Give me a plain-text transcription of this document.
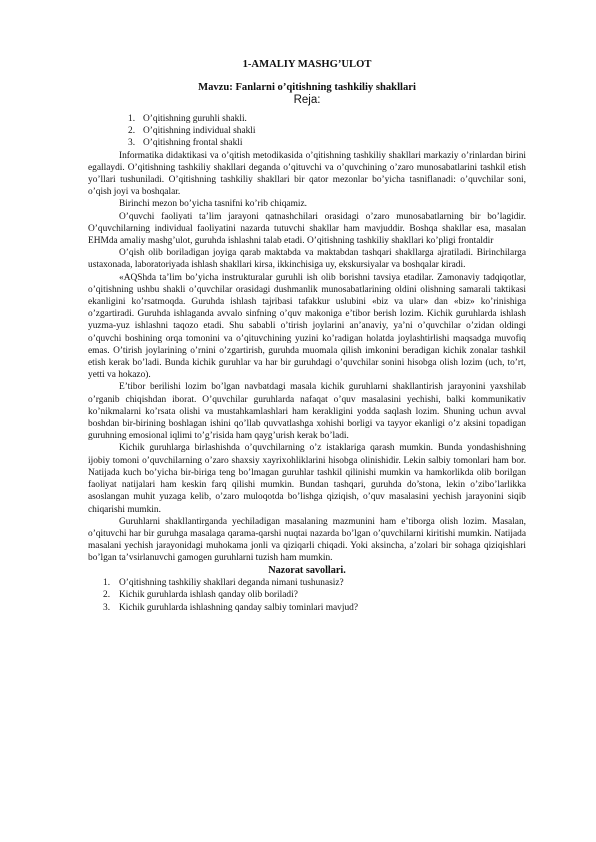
1-AMALIY MASHG’ULOT
Mavzu: Fanlarni o’qitishning tashkiliy shakllari
Reja:
1. O’qitishning guruhli shakli.
2. O’qitishning individual shakli
3. O’qitishning frontal shakli

Informatika didaktikasi va o’qitish metodikasida o’qitishning tashkiliy shakllari markaziy o’rinlardan birini egallaydi. O’qitishning tashkiliy shakllari deganda o’qituvchi va o’quvchining o’zaro munosabatlarini tashkil etish yo’llari tushuniladi. O’qitishning tashkiliy shakllari bir qator mezonlar bo’yicha tasniflanadi: o’quvchilar soni, o’qish joyi va boshqalar.

Birinchi mezon bo’yicha tasnifni ko’rib chiqamiz.

O’quvchi faoliyati ta’lim jarayoni qatnashchilari orasidagi o’zaro munosabatlarning bir bo’lagidir. O’quvchilarning individual faoliyatini nazarda tutuvchi shakllar ham mavjuddir. Boshqa shakllar esa, masalan EHMda amaliy mashg’ulot, guruhda ishlashni talab etadi. O’qitishning tashkiliy shakllari ko’pligi frontaldir

O’qish olib boriladigan joyiga qarab maktabda va maktabdan tashqari shakllarga ajratiladi. Birinchilarga ustaxonada, laboratoriyada ishlash shakllari kirsa, ikkinchisiga uy, ekskursiyalar va boshqalar kiradi.

«AQShda ta’lim bo’yicha instrukturalar guruhli ish olib borishni tavsiya etadilar. Zamonaviy tadqiqotlar, o’qitishning ushbu shakli o’quvchilar orasidagi dushmanlik munosabatlarining oldini olishning samarali taktikasi ekanligini ko’rsatmoqda. Guruhda ishlash tajribasi tafakkur uslubini «biz va ular» dan «biz» ko’rinishiga o’zgartiradi. Guruhda ishlaganda avvalo sinfning o’quv makoniga e’tibor berish lozim. Kichik guruhlarda ishlash yuzma-yuz ishlashni taqozo etadi. Shu sababli o’tirish joylarini an’anaviy, ya’ni o’quvchilar o’zidan oldingi o’quvchi boshining orqa tomonini va o’qituvchining yuzini ko’radigan holatda joylashtirlishi maqsadga muvofiq emas. O’tirish joylarining o’rnini o’zgartirish, guruhda muomala qilish imkonini beradigan kichik zonalar tashkil etish kerak bo’ladi. Bunda kichik guruhlar va har bir guruhdagi o’quvchilar sonini hisobga olish lozim (uch, to’rt, yetti va hokazo).

E’tibor berilishi lozim bo’lgan navbatdagi masala kichik guruhlarni shakllantirish jarayonini yaxshilab o’rganib chiqishdan iborat. O’quvchilar guruhlarda nafaqat o’quv masalasini yechishi, balki kommunikativ ko’nikmalarni ko’rsata olishi va mustahkamlashlari ham kerakligini yodda saqlash lozim. Shuning uchun avval boshdan bir-birining boshlagan ishini qo’llab quvvatlashga xohishi borligi va tayyor ekanligi o’z aksini topadigan guruhning emosional iqlimi to’g’risida ham qayg’urish kerak bo’ladi.

Kichik guruhlarga birlashishda o’quvchilarning o’z istaklariga qarash mumkin. Bunda yondashishning ijobiy tomoni o’quvchilarning o’zaro shaxsiy xayrixohliklarini hisobga olinishidir. Lekin salbiy tomonlari ham bor. Natijada kuch bo’yicha bir-biriga teng bo’lmagan guruhlar tashkil qilinishi mumkin va hamkorlikda olib borilgan faoliyat natijalari ham keskin farq qilishi mumkin. Bundan tashqari, guruhda do’stona, lekin o’zibo’larlikka asoslangan muhit yuzaga kelib, o’zaro muloqotda bo’lishga qiziqish, o’quv masalasini yechish jarayonini siqib chiqarishi mumkin.

Guruhlarni shakllantirganda yechiladigan masalaning mazmunini ham e’tiborga olish lozim. Masalan, o’qituvchi har bir guruhga masalaga qarama-qarshi nuqtai nazarda bo’lgan o’quvchilarni kiritishi mumkin. Natijada masalani yechish jarayonidagi muhokama jonli va qiziqarli chiqadi. Yoki aksincha, a’zolari bir sohaga qiziqishlari bo’lgan ta’vsirlanuvchi gamogen guruhlarni tuzish ham mumkin.

Nazorat savollari.
1. O’qitishning tashkiliy shakllari deganda nimani tushunasiz?
2. Kichik guruhlarda ishlash qanday olib boriladi?
3. Kichik guruhlarda ishlashning qanday salbiy tominlari mavjud?
